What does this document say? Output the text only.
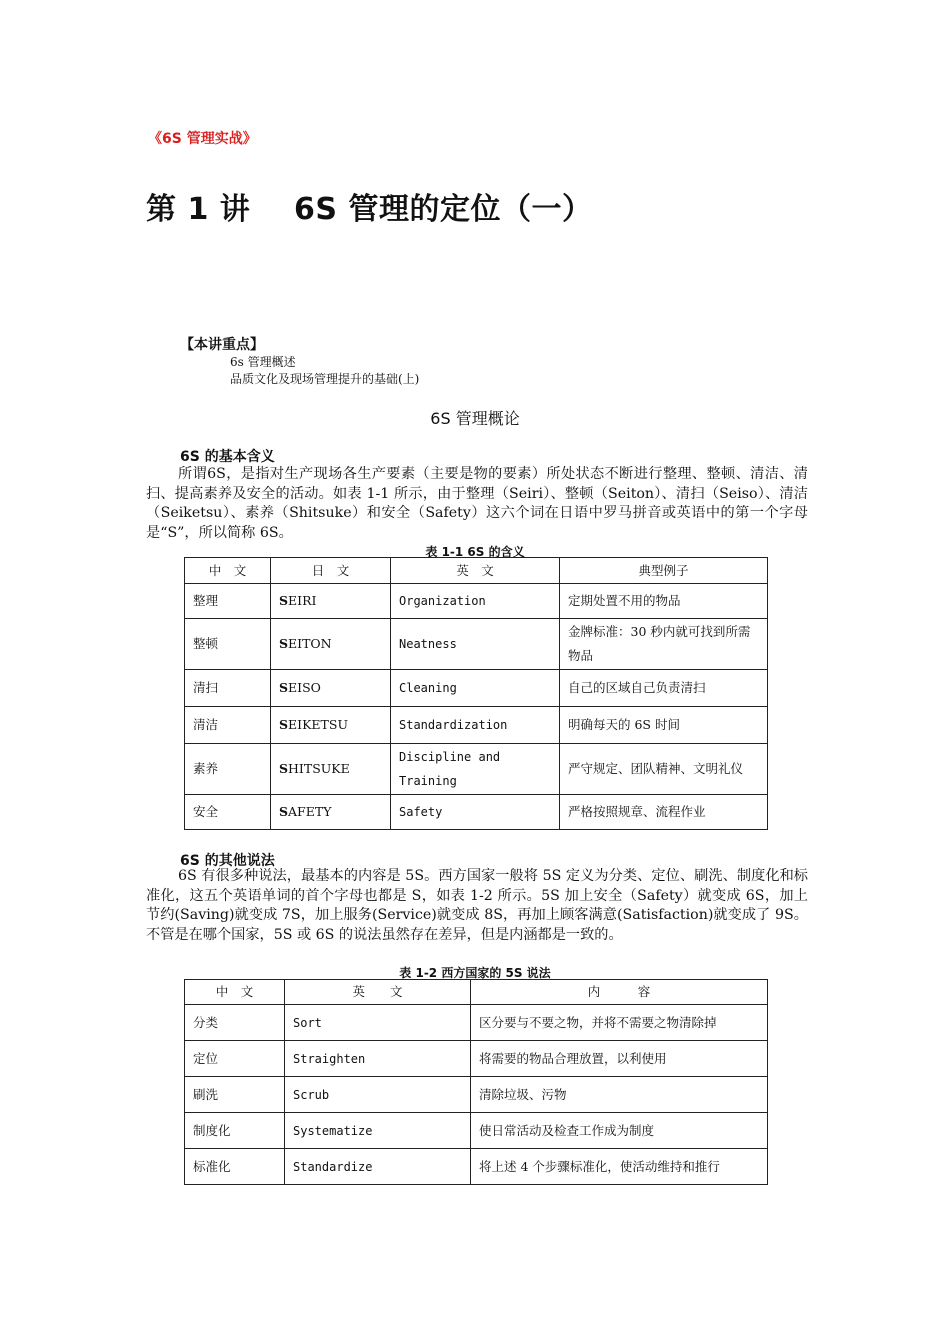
《6S 管理实战》
第 1 讲    6S 管理的定位（一）
【本讲重点】
6s 管理概述
品质文化及现场管理提升的基础(上)
6S 管理概论
6S 的基本含义
所谓6S，是指对生产现场各生产要素（主要是物的要素）所处状态不断进行整理、整顿、清洁、清扫、提高素养及安全的活动。如表 1-1 所示，由于整理（Seiri）、整顿（Seiton）、清扫（Seiso）、清洁（Seiketsu）、素养（Shitsuke）和安全（Safety）这六个词在日语中罗马拼音或英语中的第一个字母是“S”，所以简称 6S。
表 1-1 6S 的含义
中　文	日　文	英　文	典型例子
整理	SEIRI	Organization	定期处置不用的物品
整顿	SEITON	Neatness	金牌标准：30 秒内就可找到所需物品
清扫	SEISO	Cleaning	自己的区域自己负责清扫
清洁	SEIKETSU	Standardization	明确每天的 6S 时间
素养	SHITSUKE	Discipline and Training	严守规定、团队精神、文明礼仪
安全	SAFETY	Safety	严格按照规章、流程作业
6S 的其他说法
6S 有很多种说法，最基本的内容是 5S。西方国家一般将 5S 定义为分类、定位、刷洗、制度化和标准化，这五个英语单词的首个字母也都是 S，如表 1-2 所示。5S 加上安全（Safety）就变成 6S，加上节约(Saving)就变成 7S，加上服务(Service)就变成 8S，再加上顾客满意(Satisfaction)就变成了 9S。不管是在哪个国家，5S 或 6S 的说法虽然存在差异，但是内涵都是一致的。
表 1-2 西方国家的 5S 说法
中　文	英　　文	内　　　容
分类	Sort	区分要与不要之物，并将不需要之物清除掉
定位	Straighten	将需要的物品合理放置，以利使用
刷洗	Scrub	清除垃圾、污物
制度化	Systematize	使日常活动及检查工作成为制度
标准化	Standardize	将上述 4 个步骤标准化，使活动维持和推行
